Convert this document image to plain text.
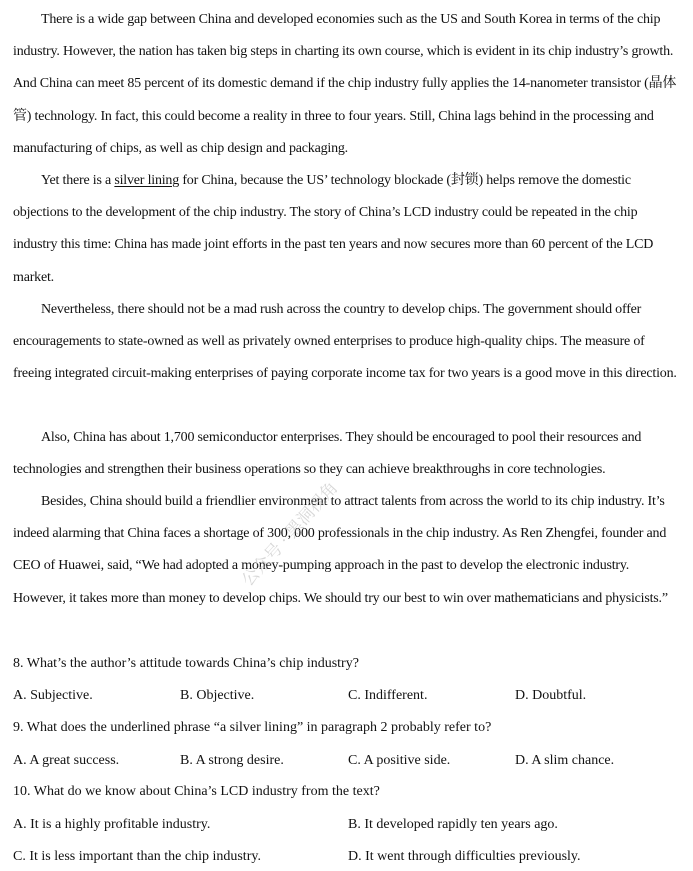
There is a wide gap between China and developed economies such as the US and South Korea in terms of the chip industry. However, the nation has taken big steps in charting its own course, which is evident in its chip industry’s growth. And China can meet 85 percent of its domestic demand if the chip industry fully applies the 14-nanometer transistor (晶体管) technology. In fact, this could become a reality in three to four years. Still, China lags behind in the processing and manufacturing of chips, as well as chip design and packaging.

Yet there is a silver lining for China, because the US’ technology blockade (封锁) helps remove the domestic objections to the development of the chip industry. The story of China’s LCD industry could be repeated in the chip industry this time: China has made joint efforts in the past ten years and now secures more than 60 percent of the LCD market.

Nevertheless, there should not be a mad rush across the country to develop chips. The government should offer encouragements to state-owned as well as privately owned enterprises to produce high-quality chips. The measure of freeing integrated circuit-making enterprises of paying corporate income tax for two years is a good move in this direction.

Also, China has about 1,700 semiconductor enterprises. They should be encouraged to pool their resources and technologies and strengthen their business operations so they can achieve breakthroughs in core technologies.

Besides, China should build a friendlier environment to attract talents from across the world to its chip industry. It’s indeed alarming that China faces a shortage of 300, 000 professionals in the chip industry. As Ren Zhengfei, founder and CEO of Huawei, said, “We had adopted a money-pumping approach in the past to develop the electronic industry. However, it takes more than money to develop chips. We should try our best to win over mathematicians and physicists.”

8. What’s the author’s attitude towards China’s chip industry?
A. Subjective.	B. Objective.	C. Indifferent.	D. Doubtful.
9. What does the underlined phrase “a silver lining” in paragraph 2 probably refer to?
A. A great success.	B. A strong desire.	C. A positive side.	D. A slim chance.
10. What do we know about China’s LCD industry from the text?
A. It is a highly profitable industry.	B. It developed rapidly ten years ago.
C. It is less important than the chip industry.	D. It went through difficulties previously.
公众号 · 黑洞视角
